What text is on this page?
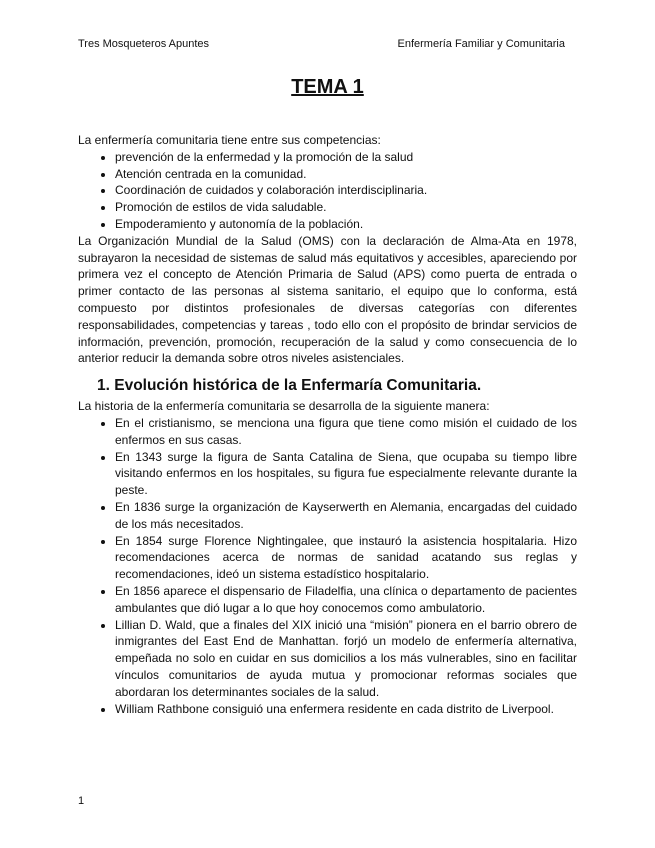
Tres Mosqueteros Apuntes	Enfermería Familiar y Comunitaria
TEMA 1

La enfermería comunitaria tiene entre sus competencias:

• prevención de la enfermedad y la promoción de la salud
• Atención centrada en la comunidad.
• Coordinación de cuidados y colaboración interdisciplinaria.
• Promoción de estilos de vida saludable.
• Empoderamiento y autonomía de la población.

La Organización Mundial de la Salud (OMS) con la declaración de Alma-Ata en 1978, subrayaron la necesidad de sistemas de salud más equitativos y accesibles, apareciendo por primera vez el concepto de Atención Primaria de Salud (APS) como puerta de entrada o primer contacto de las personas al sistema sanitario, el equipo que lo conforma, está compuesto por distintos profesionales de diversas categorías con diferentes responsabilidades, competencias y tareas , todo ello con el propósito de brindar servicios de información, prevención, promoción, recuperación de la salud y como consecuencia de lo anterior reducir la demanda sobre otros niveles asistenciales.

1. Evolución histórica de la Enfermaría Comunitaria.

La historia de la enfermería comunitaria se desarrolla de la siguiente manera:

• En el cristianismo, se menciona una figura que tiene como misión el cuidado de los enfermos en sus casas.
• En 1343 surge la figura de Santa Catalina de Siena, que ocupaba su tiempo libre visitando enfermos en los hospitales, su figura fue especialmente relevante durante la peste.
• En 1836 surge la organización de Kayserwerth en Alemania, encargadas del cuidado de los más necesitados.
• En 1854 surge Florence Nightingalee, que instauró la asistencia hospitalaria. Hizo recomendaciones acerca de normas de sanidad acatando sus reglas y recomendaciones, ideó un sistema estadístico hospitalario.
• En 1856 aparece el dispensario de Filadelfia, una clínica o departamento de pacientes ambulantes que dió lugar a lo que hoy conocemos como ambulatorio.
• Lillian D. Wald, que a finales del XIX inició una “misión” pionera en el barrio obrero de inmigrantes del East End de Manhattan. forjó un modelo de enfermería alternativa, empeñada no solo en cuidar en sus domicilios a los más vulnerables, sino en facilitar vínculos comunitarios de ayuda mutua y promocionar reformas sociales que abordaran los determinantes sociales de la salud.
• William Rathbone consiguió una enfermera residente en cada distrito de Liverpool.
1
